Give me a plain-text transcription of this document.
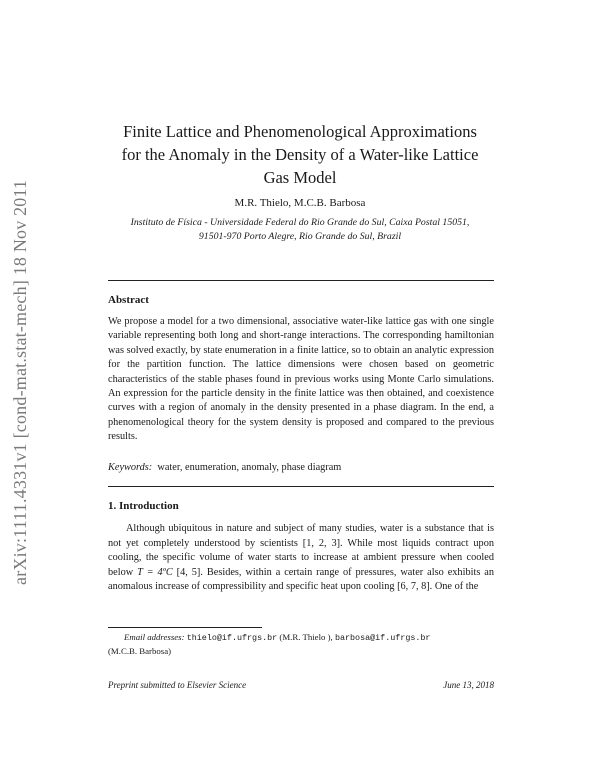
arXiv:1111.4331v1 [cond-mat.stat-mech] 18 Nov 2011
Finite Lattice and Phenomenological Approximations
for the Anomaly in the Density of a Water-like Lattice
Gas Model
M.R. Thielo, M.C.B. Barbosa
Instituto de Física - Universidade Federal do Rio Grande do Sul, Caixa Postal 15051,
91501-970 Porto Alegre, Rio Grande do Sul, Brazil
Abstract
We propose a model for a two dimensional, associative water-like lattice gas with one single variable representing both long and short-range interactions. The corresponding hamiltonian was solved exactly, by state enumeration in a finite lattice, so to obtain an analytic expression for the partition function. The lattice dimensions were chosen based on geometric characteristics of the stable phases found in previous works using Monte Carlo simulations. An expression for the particle density in the finite lattice was then obtained, and coexistence curves with a region of anomaly in the density presented in a phase diagram. In the end, a phenomenological theory for the system density is proposed and compared to the previous results.
Keywords: water, enumeration, anomaly, phase diagram
1. Introduction
Although ubiquitous in nature and subject of many studies, water is a substance that is not yet completely understood by scientists [1, 2, 3]. While most liquids contract upon cooling, the specific volume of water starts to increase at ambient pressure when cooled below T = 4ºC [4, 5]. Besides, within a certain range of pressures, water also exhibits an anomalous increase of compressibility and specific heat upon cooling [6, 7, 8]. One of the
Email addresses: thielo@if.ufrgs.br (M.R. Thielo ), barbosa@if.ufrgs.br
(M.C.B. Barbosa)
Preprint submitted to Elsevier Science	June 13, 2018
